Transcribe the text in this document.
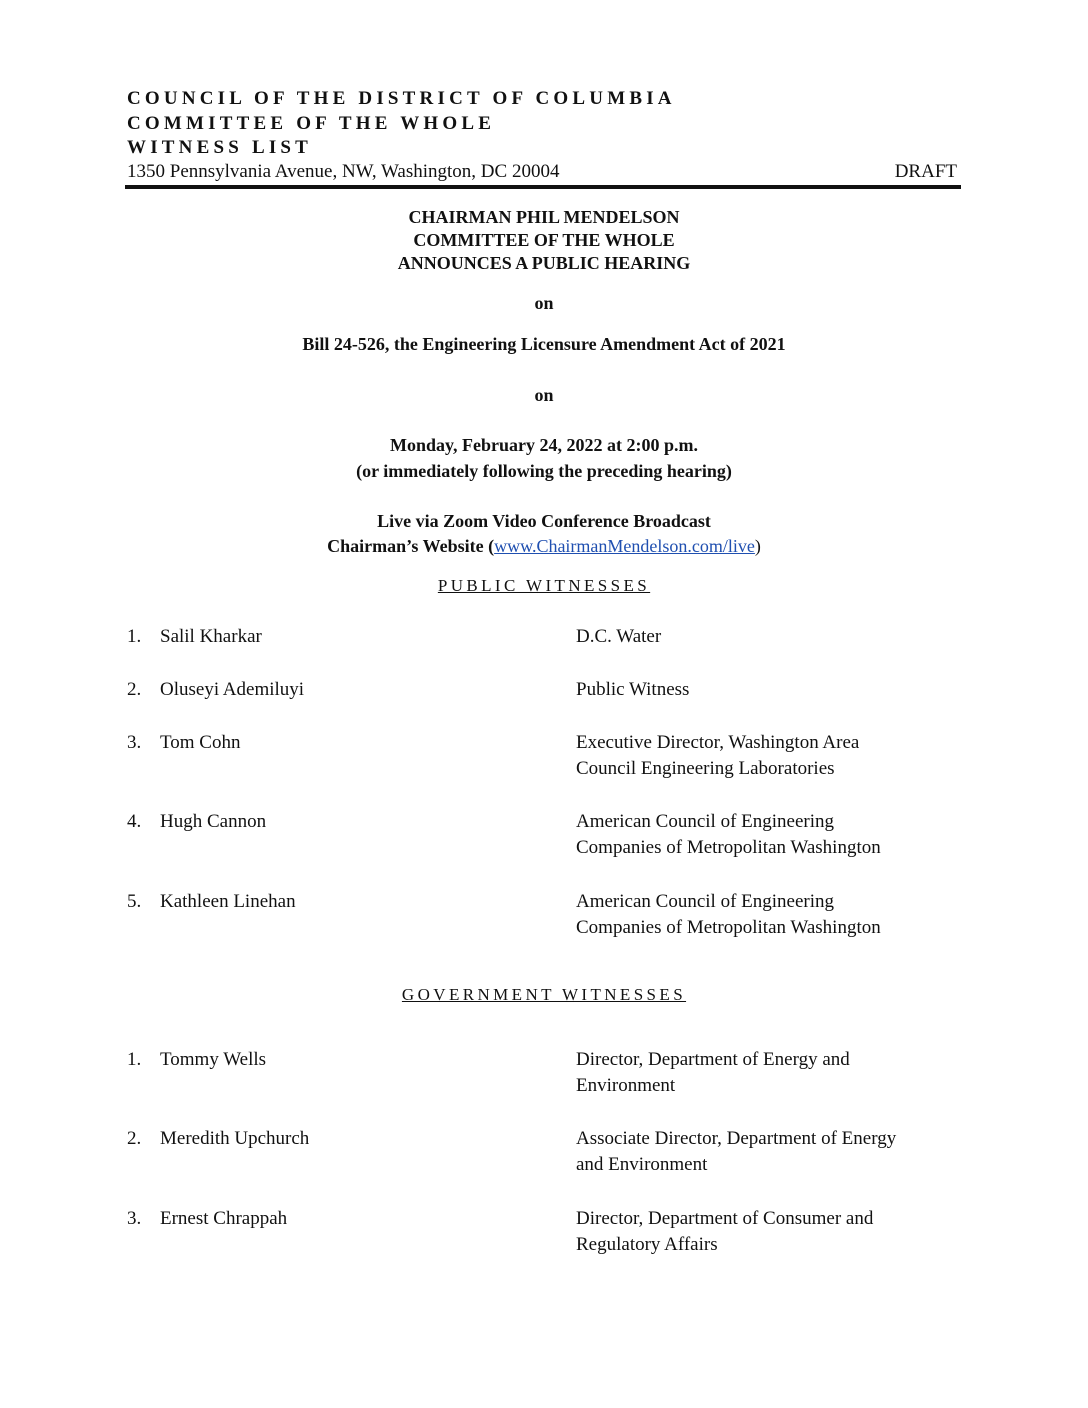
COUNCIL OF THE DISTRICT OF COLUMBIA
COMMITTEE OF THE WHOLE
WITNESS LIST
1350 Pennsylvania Avenue, NW, Washington, DC 20004	DRAFT
CHAIRMAN PHIL MENDELSON
COMMITTEE OF THE WHOLE
ANNOUNCES A PUBLIC HEARING
on
Bill 24-526, the Engineering Licensure Amendment Act of 2021
on
Monday, February 24, 2022 at 2:00 p.m.
(or immediately following the preceding hearing)
Live via Zoom Video Conference Broadcast
Chairman’s Website (www.ChairmanMendelson.com/live)
PUBLIC WITNESSES
1. Salil Kharkar	D.C. Water
2. Oluseyi Ademiluyi	Public Witness
3. Tom Cohn	Executive Director, Washington Area
Council Engineering Laboratories
4. Hugh Cannon	American Council of Engineering
Companies of Metropolitan Washington
5. Kathleen Linehan	American Council of Engineering
Companies of Metropolitan Washington
GOVERNMENT WITNESSES
1. Tommy Wells	Director, Department of Energy and
Environment
2. Meredith Upchurch	Associate Director, Department of Energy
and Environment
3. Ernest Chrappah	Director, Department of Consumer and
Regulatory Affairs
